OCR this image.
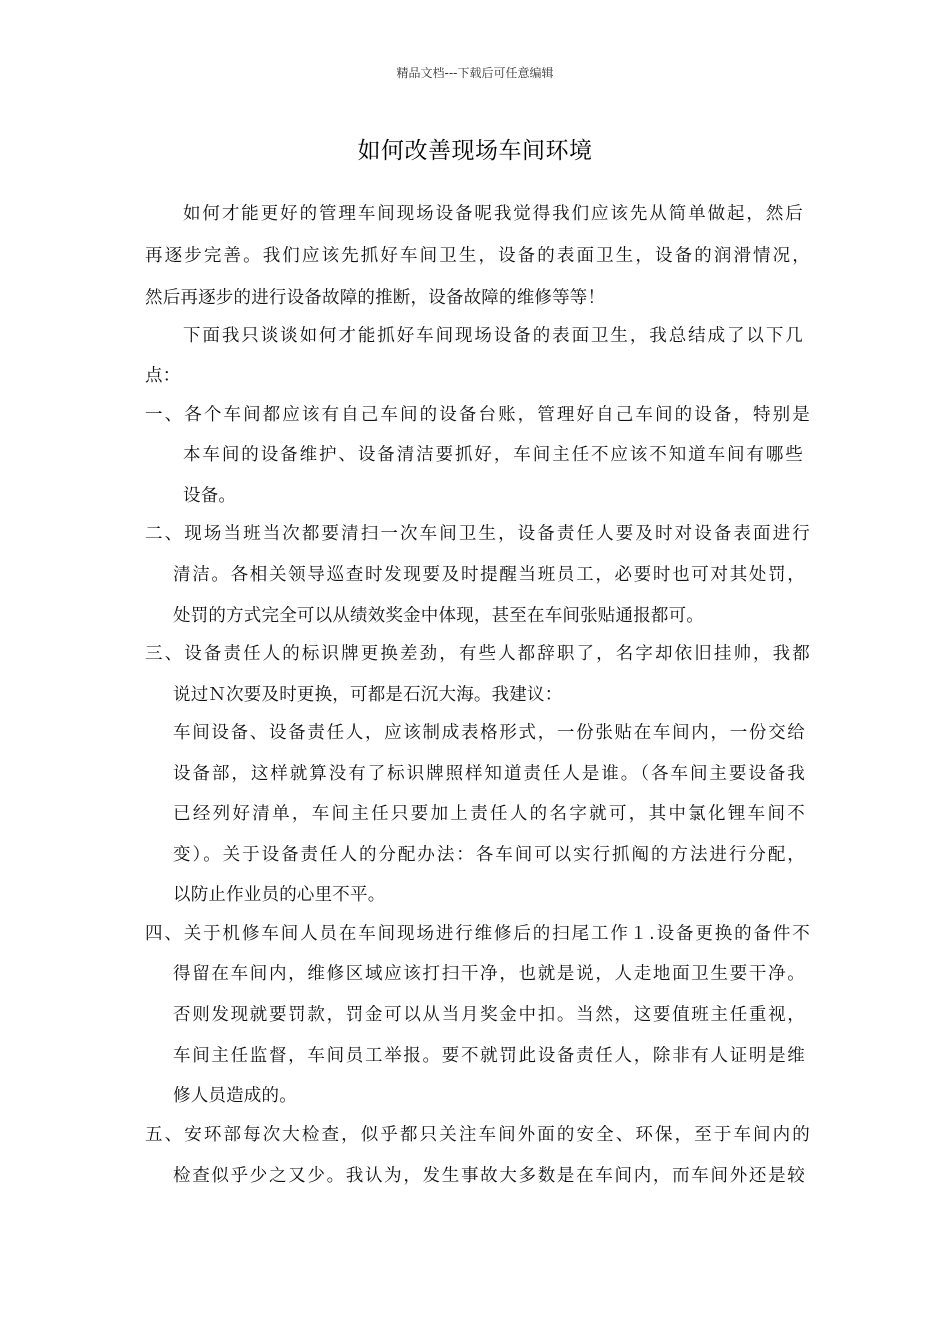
精品文档---下载后可任意编辑
如何改善现场车间环境
如何才能更好的管理车间现场设备呢我觉得我们应该先从简单做起，然后
再逐步完善。我们应该先抓好车间卫生，设备的表面卫生，设备的润滑情况，
然后再逐步的进行设备故障的推断，设备故障的维修等等！
下面我只谈谈如何才能抓好车间现场设备的表面卫生，我总结成了以下几
点：
一、各个车间都应该有自己车间的设备台账，管理好自己车间的设备，特别是
本车间的设备维护、设备清洁要抓好，车间主任不应该不知道车间有哪些
设备。
二、现场当班当次都要清扫一次车间卫生，设备责任人要及时对设备表面进行
清洁。各相关领导巡查时发现要及时提醒当班员工，必要时也可对其处罚，
处罚的方式完全可以从绩效奖金中体现，甚至在车间张贴通报都可。
三、设备责任人的标识牌更换差劲，有些人都辞职了，名字却依旧挂帅，我都
说过Ｎ次要及时更换，可都是石沉大海。我建议：
车间设备、设备责任人，应该制成表格形式，一份张贴在车间内，一份交给
设备部，这样就算没有了标识牌照样知道责任人是谁。（各车间主要设备我
已经列好清单，车间主任只要加上责任人的名字就可，其中氯化锂车间不
变）。关于设备责任人的分配办法：各车间可以实行抓阄的方法进行分配，
以防止作业员的心里不平。
四、关于机修车间人员在车间现场进行维修后的扫尾工作１.设备更换的备件不
得留在车间内，维修区域应该打扫干净，也就是说，人走地面卫生要干净。
否则发现就要罚款，罚金可以从当月奖金中扣。当然，这要值班主任重视，
车间主任监督，车间员工举报。要不就罚此设备责任人，除非有人证明是维
修人员造成的。
五、安环部每次大检查，似乎都只关注车间外面的安全、环保，至于车间内的
检查似乎少之又少。我认为，发生事故大多数是在车间内，而车间外还是较
